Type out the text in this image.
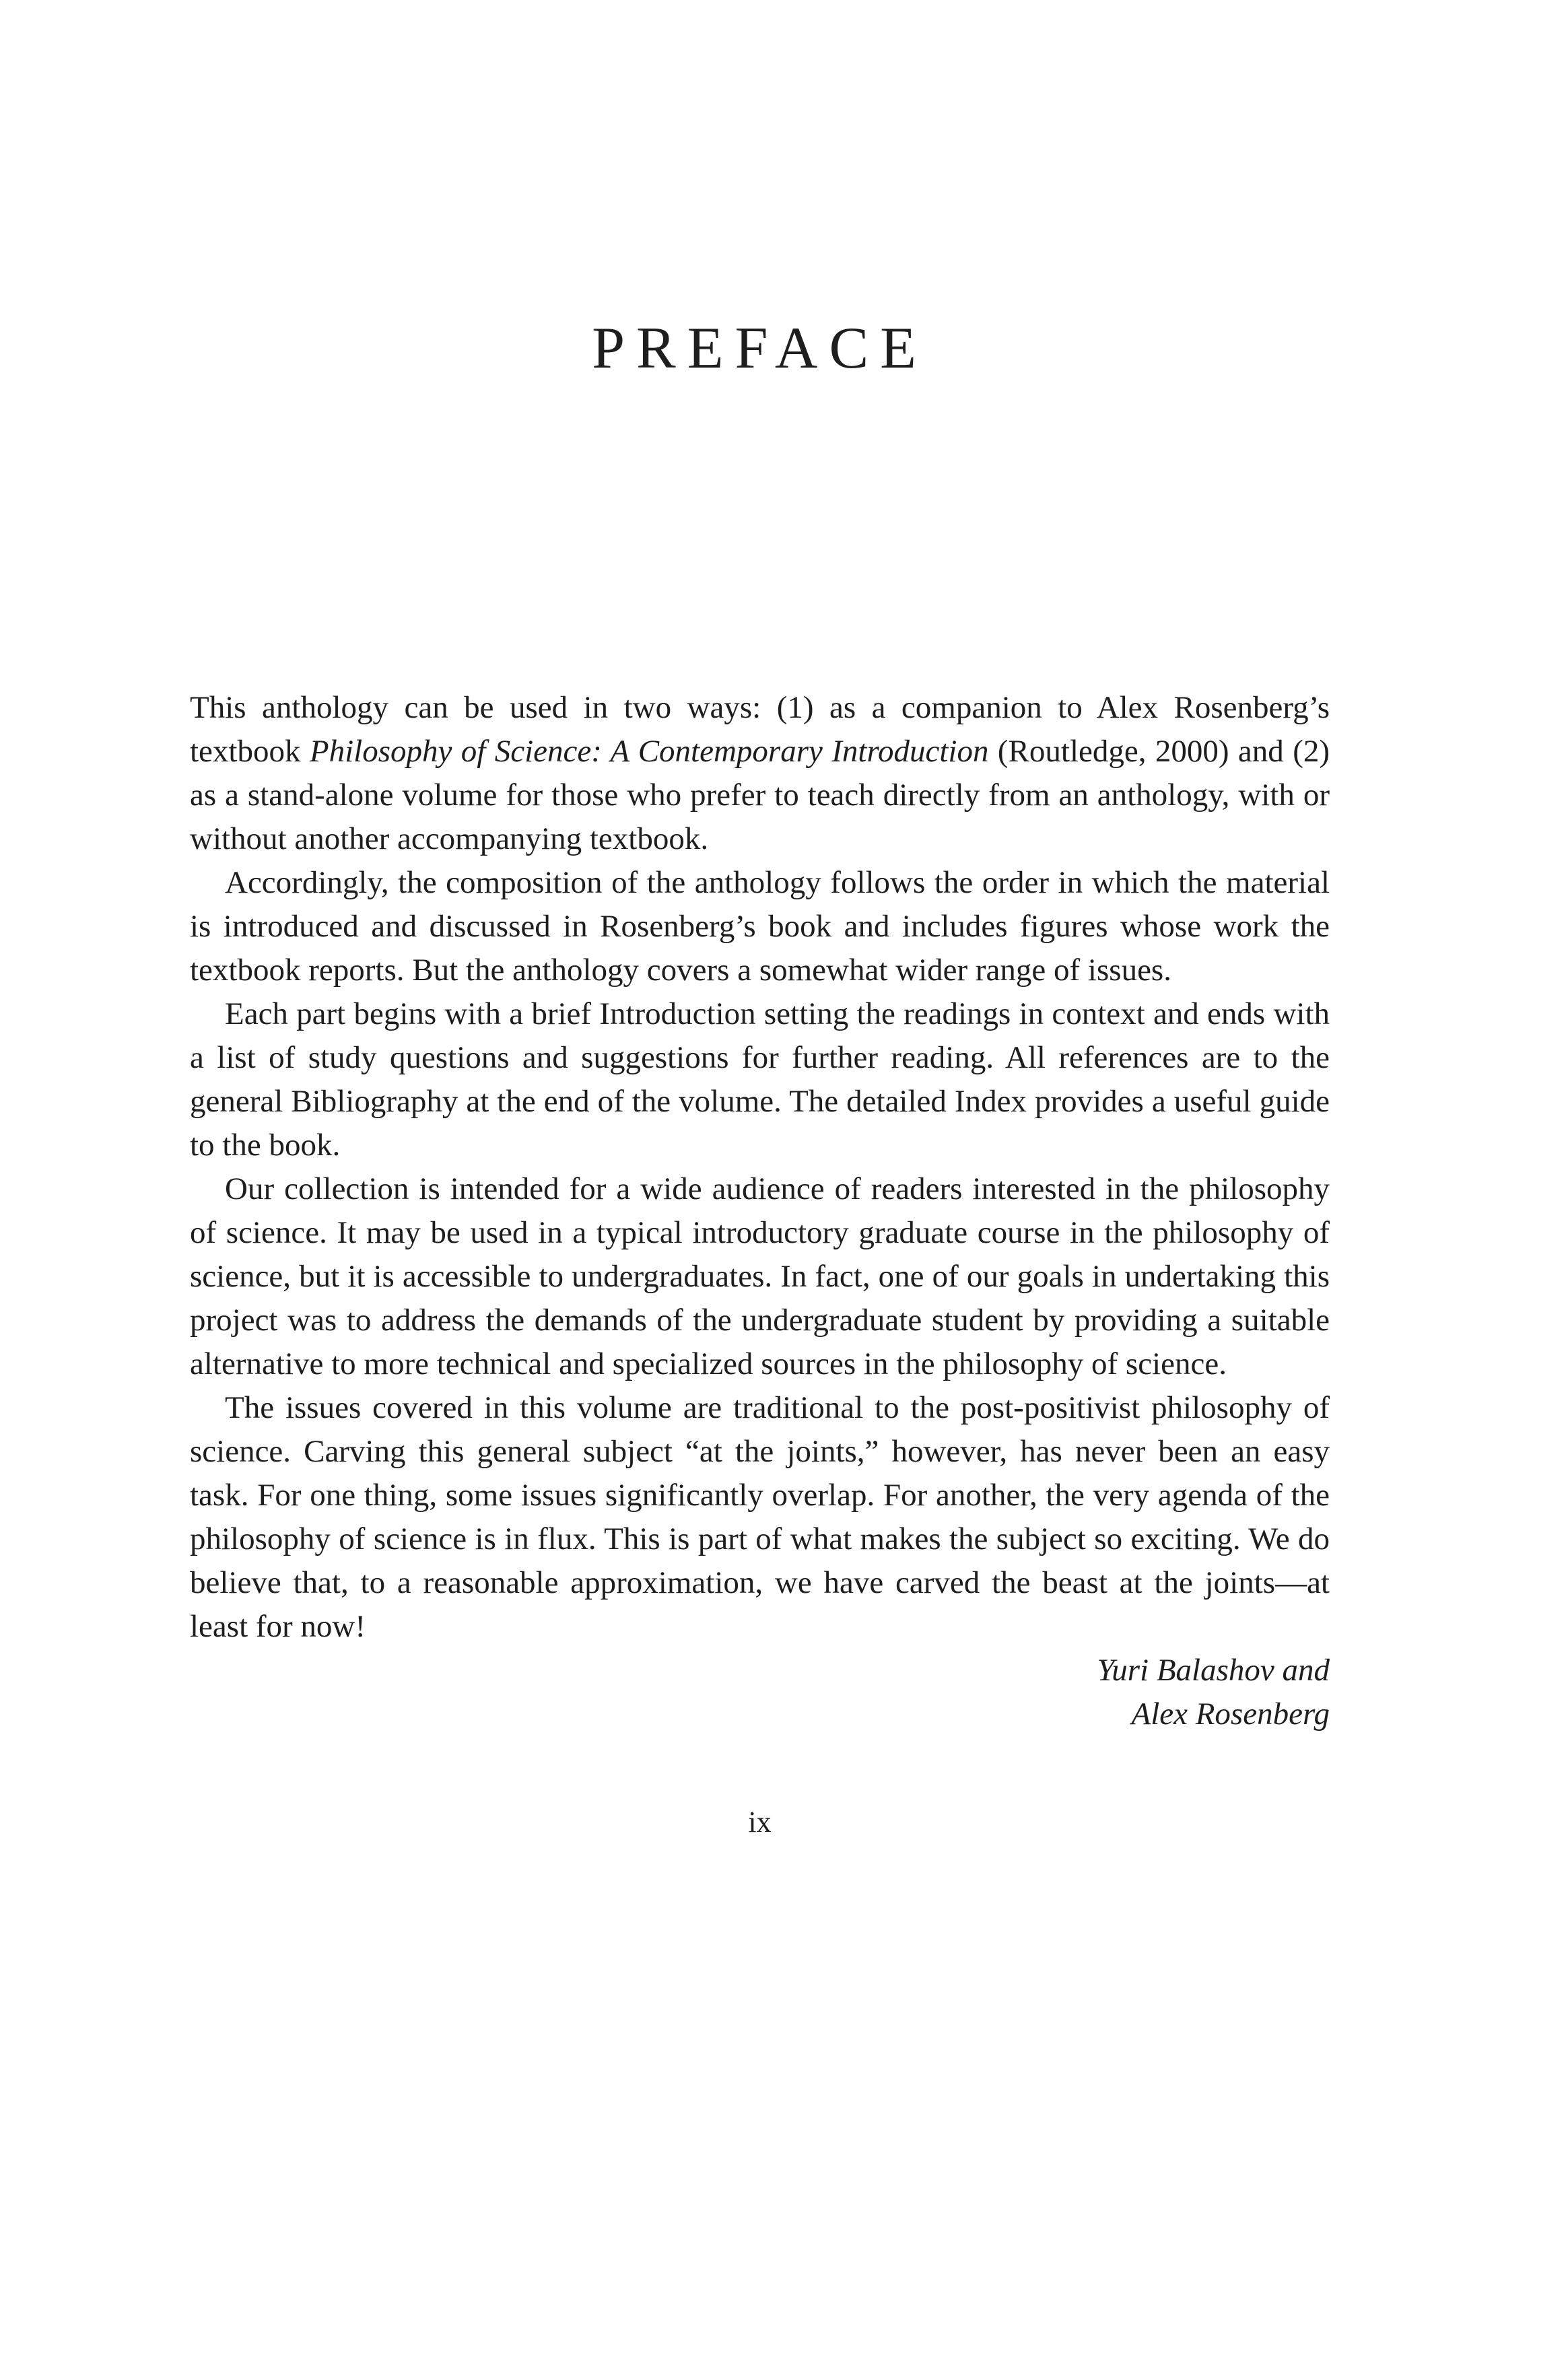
PREFACE

This anthology can be used in two ways: (1) as a companion to Alex Rosenberg’s textbook Philosophy of Science: A Contemporary Introduction (Routledge, 2000) and (2) as a stand-alone volume for those who prefer to teach directly from an anthology, with or without another accompanying textbook.

Accordingly, the composition of the anthology follows the order in which the material is introduced and discussed in Rosenberg’s book and includes figures whose work the textbook reports. But the anthology covers a somewhat wider range of issues.

Each part begins with a brief Introduction setting the readings in context and ends with a list of study questions and suggestions for further reading. All references are to the general Bibliography at the end of the volume. The detailed Index provides a useful guide to the book.

Our collection is intended for a wide audience of readers interested in the philosophy of science. It may be used in a typical introductory graduate course in the philosophy of science, but it is accessible to undergraduates. In fact, one of our goals in undertaking this project was to address the demands of the undergraduate student by providing a suitable alternative to more technical and specialized sources in the philosophy of science.

The issues covered in this volume are traditional to the post-positivist philosophy of science. Carving this general subject “at the joints,” however, has never been an easy task. For one thing, some issues significantly overlap. For another, the very agenda of the philosophy of science is in flux. This is part of what makes the subject so exciting. We do believe that, to a reasonable approximation, we have carved the beast at the joints—at least for now!

Yuri Balashov and
Alex Rosenberg
ix
